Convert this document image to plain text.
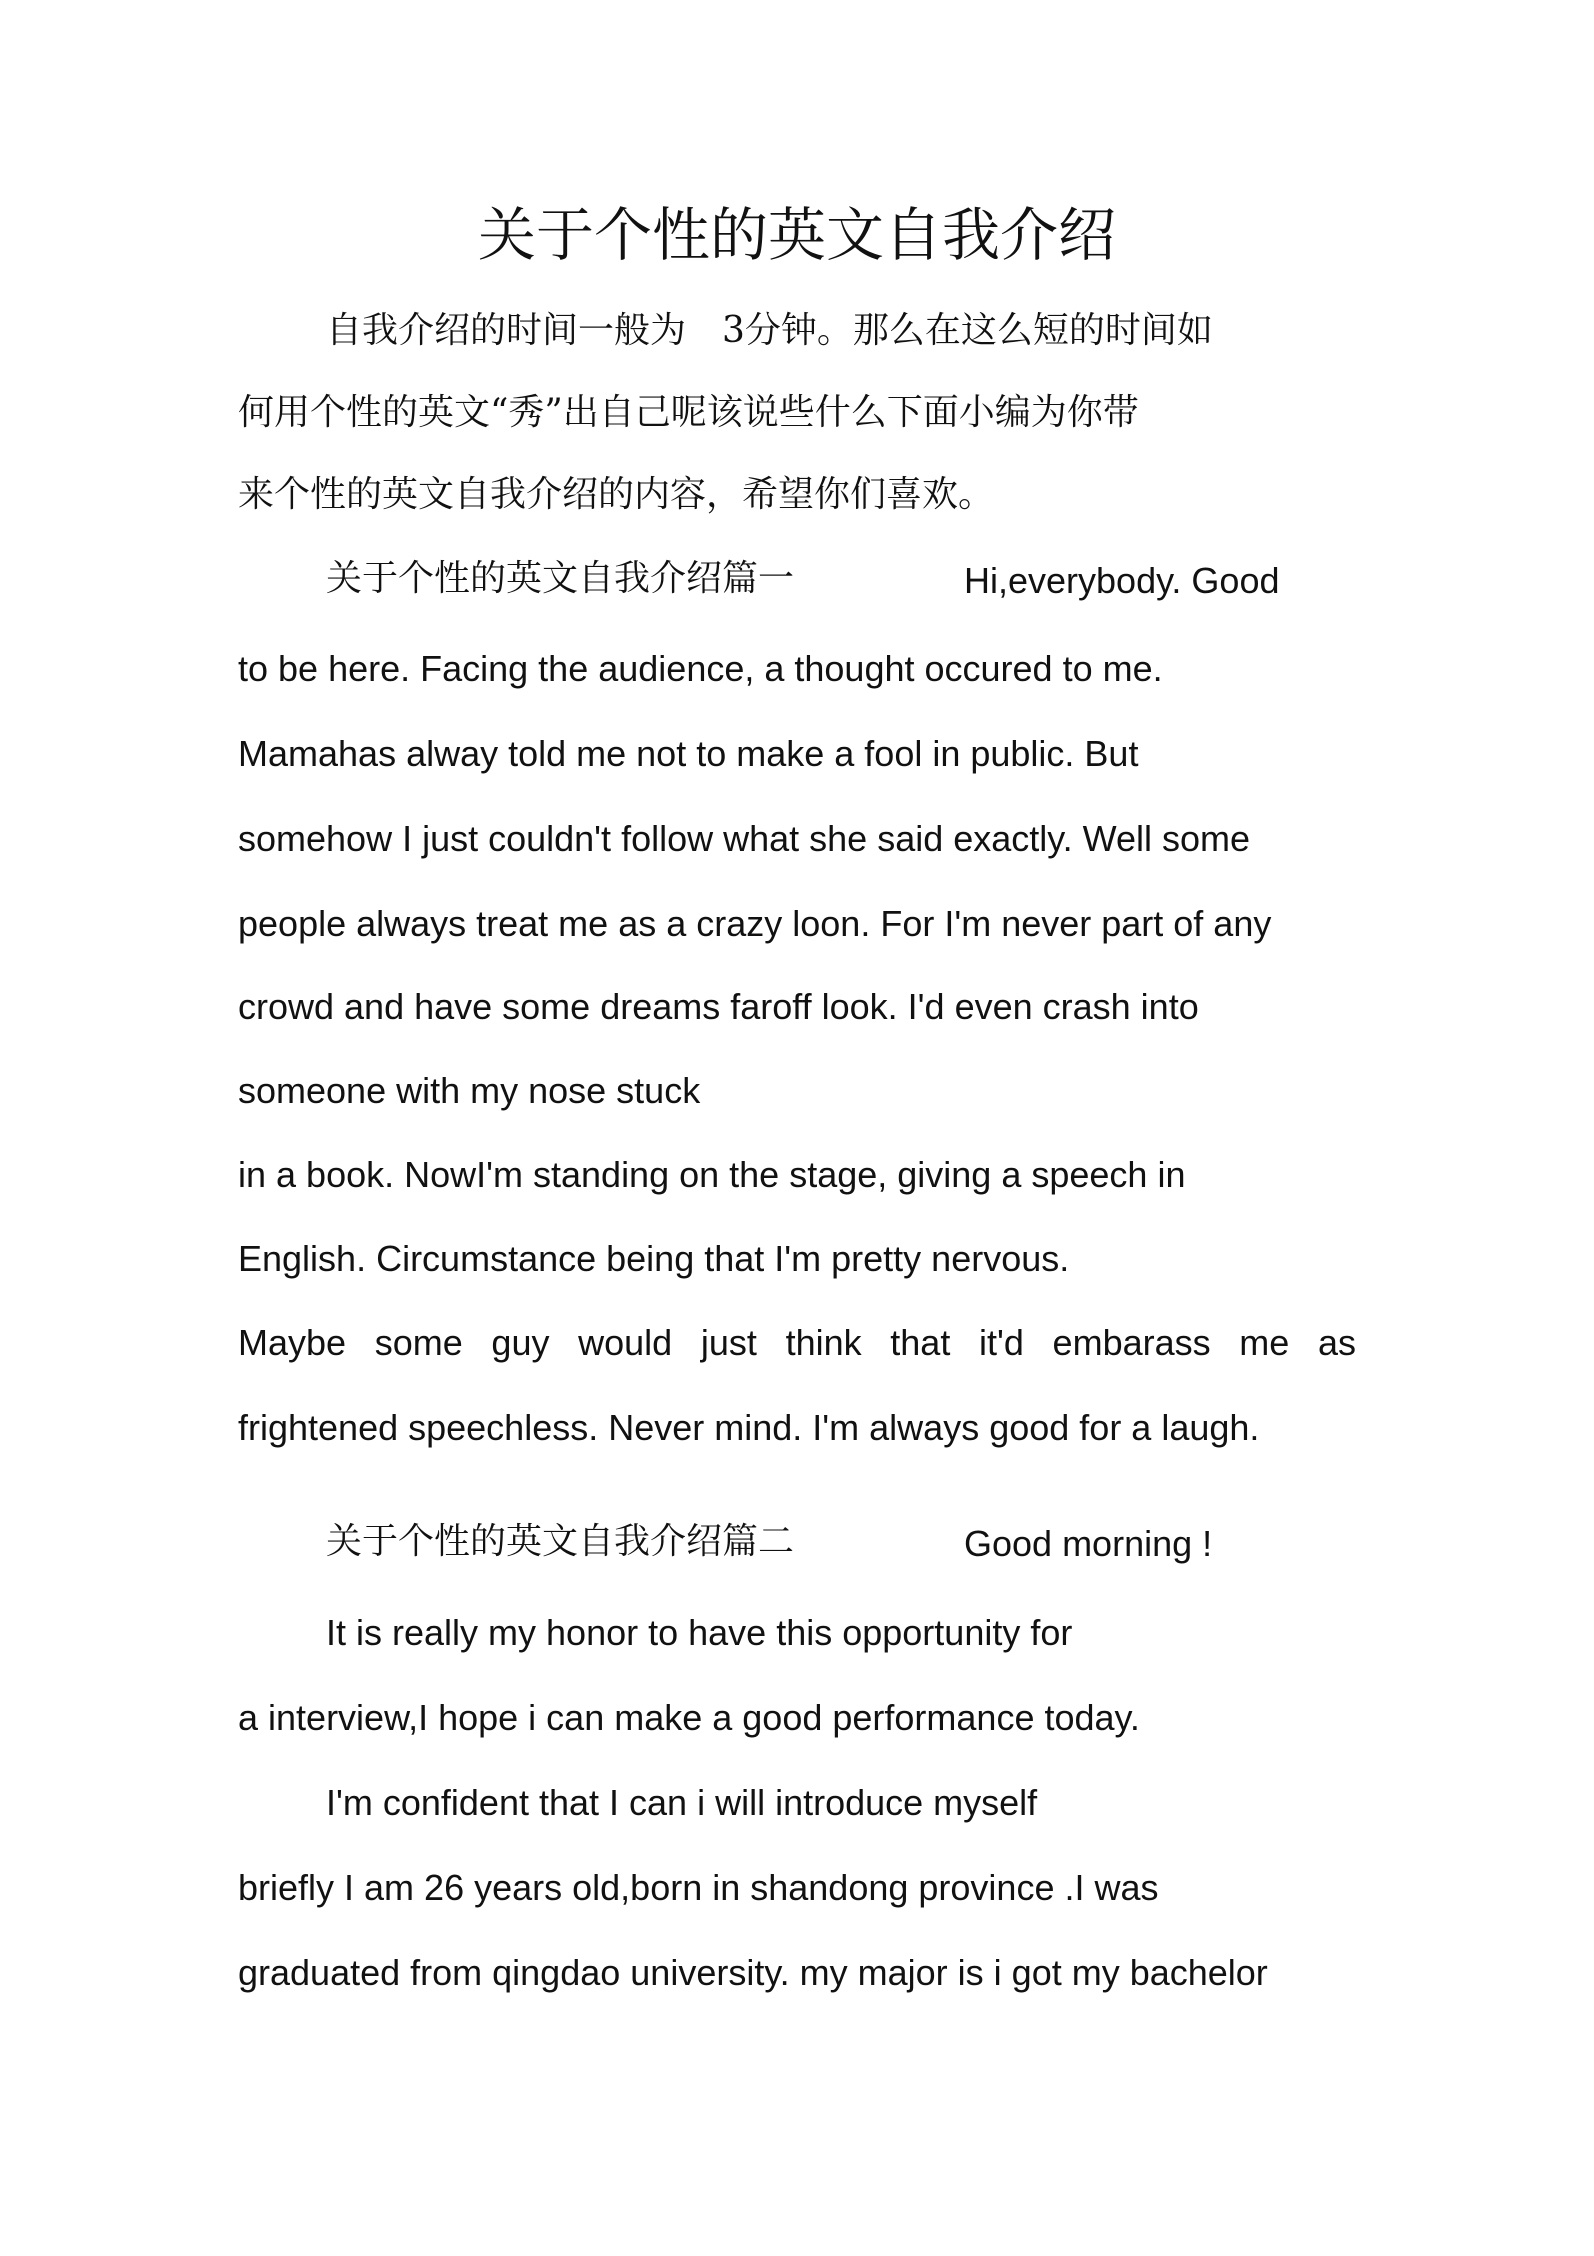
关于个性的英文自我介绍
自我介绍的时间一般为　3分钟。那么在这么短的时间如
何用个性的英文“秀”出自己呢该说些什么下面小编为你带
来个性的英文自我介绍的内容，希望你们喜欢。
关于个性的英文自我介绍篇一	Hi,everybody. Good
to be here. Facing the audience, a thought occured to me.
Mamahas alway told me not to make a fool in public. But
somehow I just couldn't follow what she said exactly. Well some
people always treat me as a crazy loon. For I'm never part of any
crowd and have some dreams faroff look. I'd even crash into
someone with my nose stuck
in a book. NowI'm standing on the stage, giving a speech in
English. Circumstance being that I'm pretty nervous.
Maybe some guy would just think that it'd embarass me as
frightened speechless. Never mind. I'm always good for a laugh.
关于个性的英文自我介绍篇二	Good morning !
It is really my honor to have this opportunity for
a interview,I hope i can make a good performance today.
I'm confident that I can i will introduce myself
briefly I am 26 years old,born in shandong province .I was
graduated from qingdao university. my major is i got my bachelor
